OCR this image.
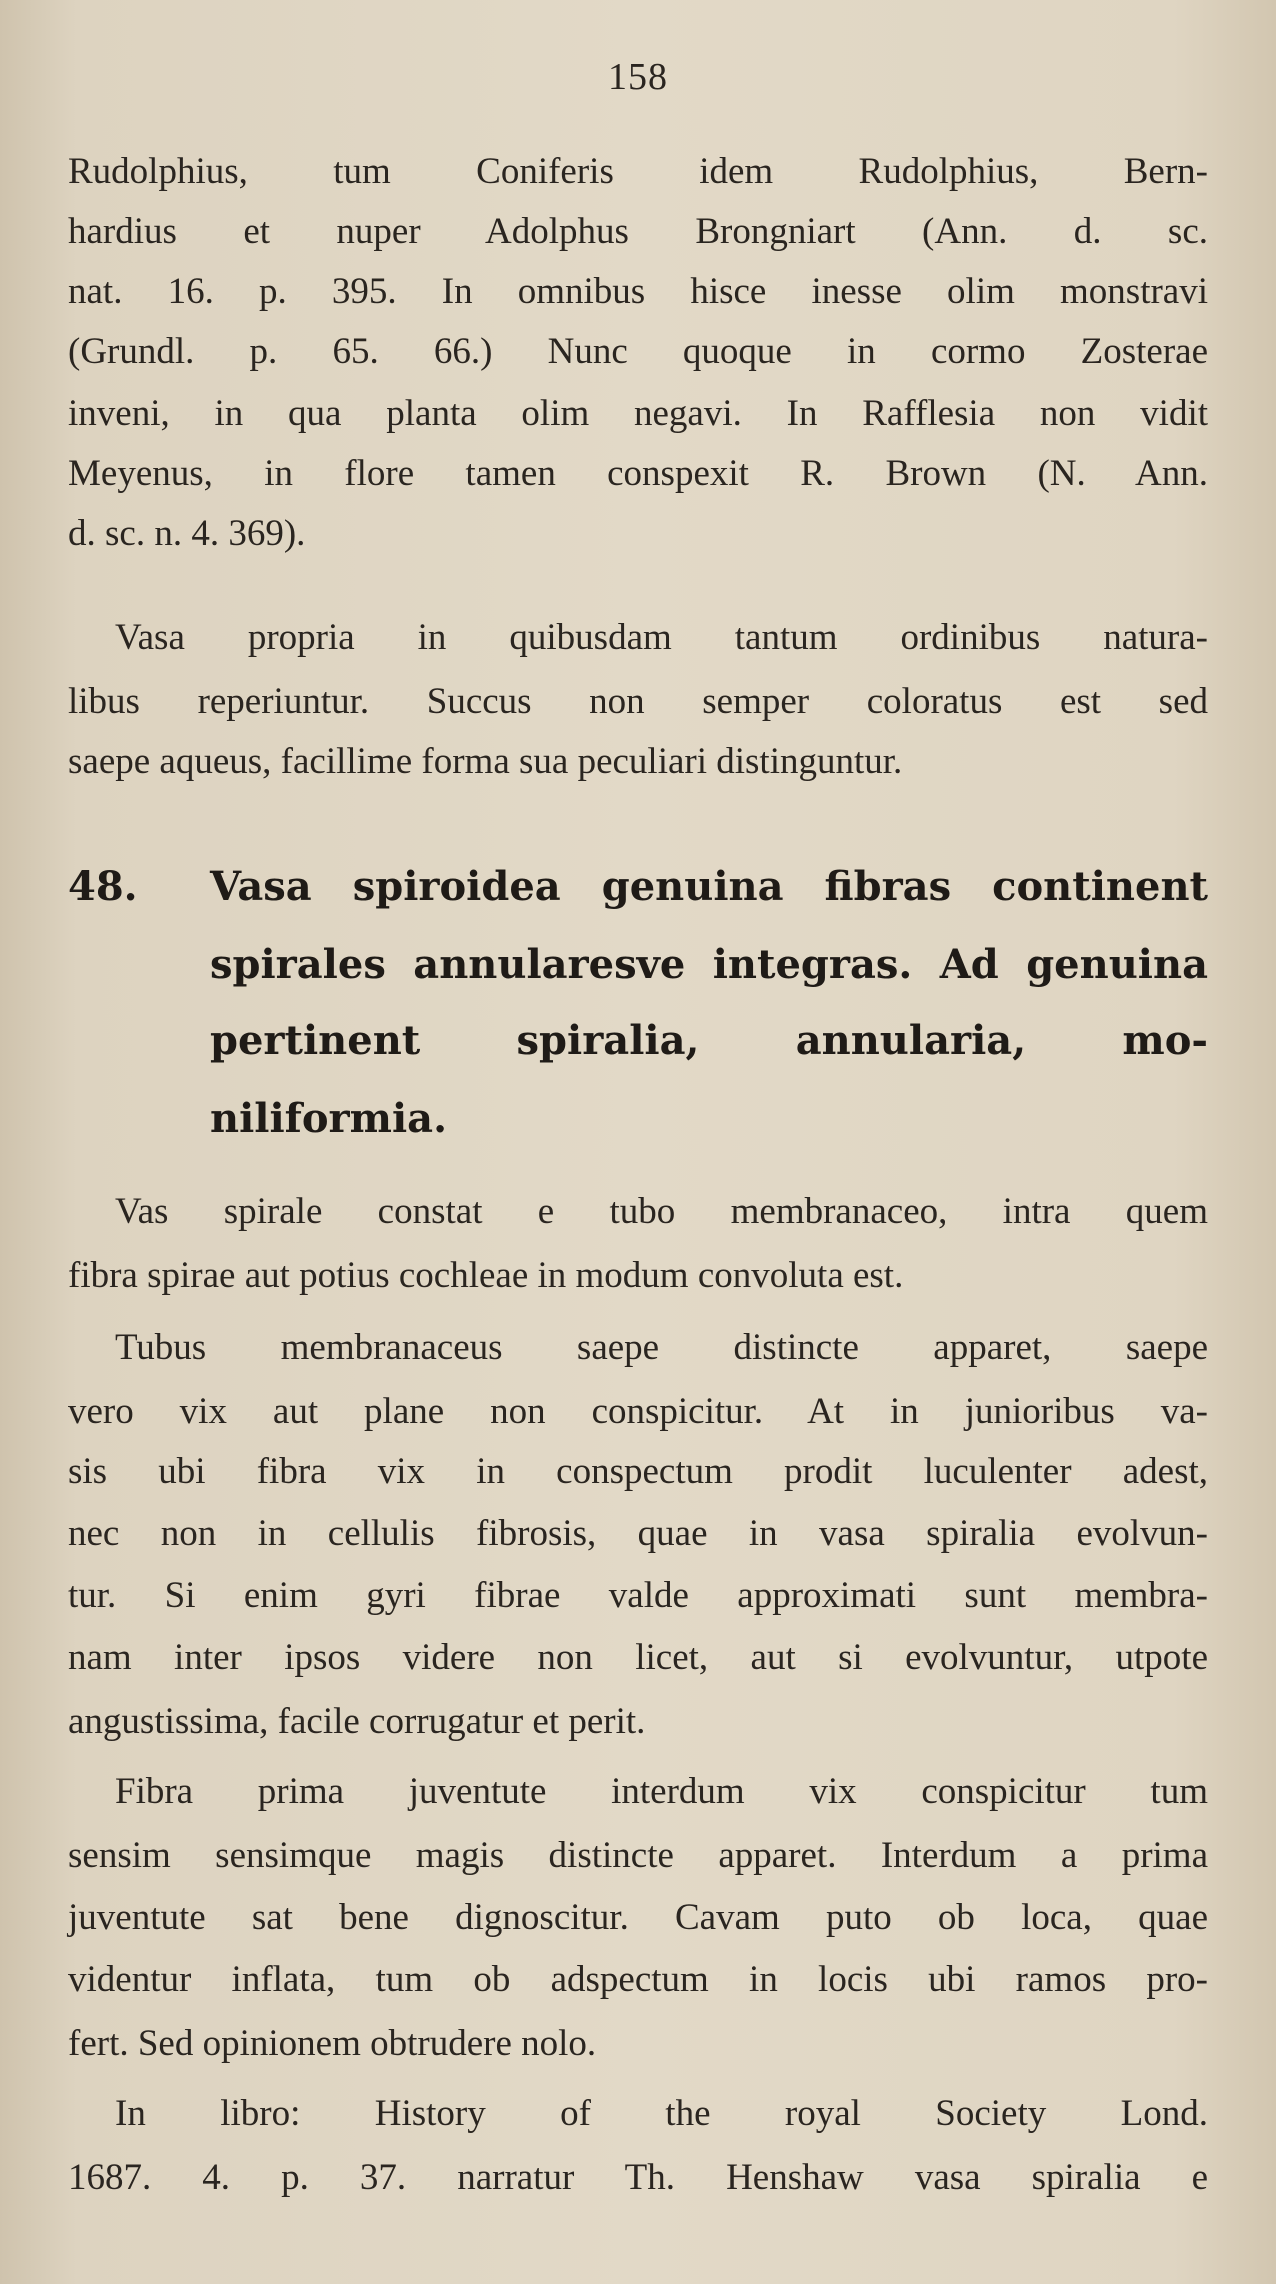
158
Rudolphius, tum Coniferis idem Rudolphius, Bern-
hardius et nuper Adolphus Brongniart (Ann. d. sc.
nat. 16. p. 395. In omnibus hisce inesse olim monstravi
(Grundl. p. 65. 66.) Nunc quoque in cormo Zosterae
inveni, in qua planta olim negavi. In Rafflesia non vidit
Meyenus, in flore tamen conspexit R. Brown (N. Ann.
d. sc. n. 4. 369).
Vasa propria in quibusdam tantum ordinibus natura-
libus reperiuntur. Succus non semper coloratus est sed
saepe aqueus, facillime forma sua peculiari distinguntur.
48. Vasa spiroidea genuina fibras continent
spirales annularesve integras. Ad genuina
pertinent spiralia, annularia, mo-
niliformia.
Vas spirale constat e tubo membranaceo, intra quem
fibra spirae aut potius cochleae in modum convoluta est.
Tubus membranaceus saepe distincte apparet, saepe
vero vix aut plane non conspicitur. At in junioribus va-
sis ubi fibra vix in conspectum prodit luculenter adest,
nec non in cellulis fibrosis, quae in vasa spiralia evolvun-
tur. Si enim gyri fibrae valde approximati sunt membra-
nam inter ipsos videre non licet, aut si evolvuntur, utpote
angustissima, facile corrugatur et perit.
Fibra prima juventute interdum vix conspicitur tum
sensim sensimque magis distincte apparet. Interdum a prima
juventute sat bene dignoscitur. Cavam puto ob loca, quae
videntur inflata, tum ob adspectum in locis ubi ramos pro-
fert. Sed opinionem obtrudere nolo.
In libro: History of the royal Society Lond.
1687. 4. p. 37. narratur Th. Henshaw vasa spiralia e
